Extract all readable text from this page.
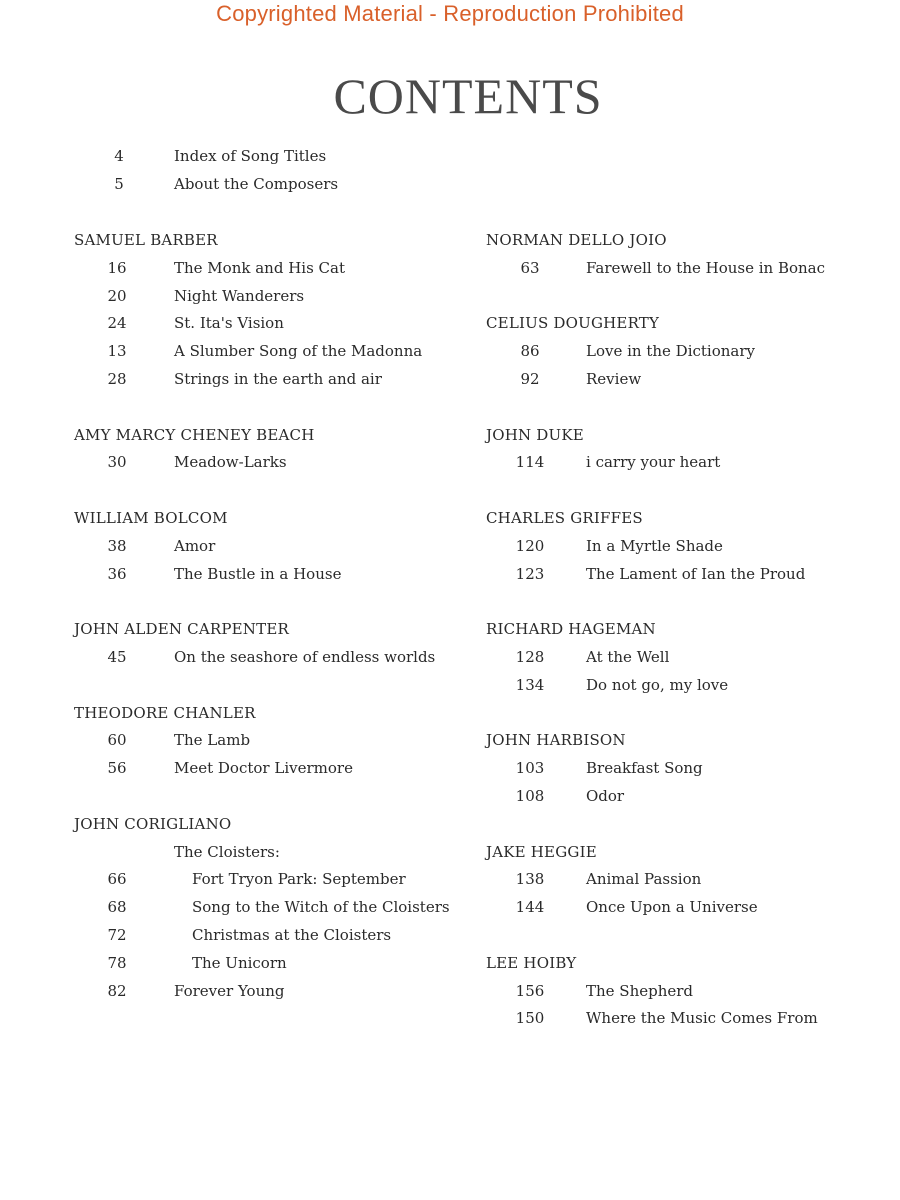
Copyrighted Material - Reproduction Prohibited
CONTENTS
4	Index of Song Titles
5	About the Composers
SAMUEL BARBER
16	The Monk and His Cat
20	Night Wanderers
24	St. Ita's Vision
13	A Slumber Song of the Madonna
28	Strings in the earth and air
AMY MARCY CHENEY BEACH
30	Meadow-Larks
WILLIAM BOLCOM
38	Amor
36	The Bustle in a House
JOHN ALDEN CARPENTER
45	On the seashore of endless worlds
THEODORE CHANLER
60	The Lamb
56	Meet Doctor Livermore
JOHN CORIGLIANO
The Cloisters:
66	Fort Tryon Park: September
68	Song to the Witch of the Cloisters
72	Christmas at the Cloisters
78	The Unicorn
82	Forever Young
NORMAN DELLO JOIO
63	Farewell to the House in Bonac
CELIUS DOUGHERTY
86	Love in the Dictionary
92	Review
JOHN DUKE
114	i carry your heart
CHARLES GRIFFES
120	In a Myrtle Shade
123	The Lament of Ian the Proud
RICHARD HAGEMAN
128	At the Well
134	Do not go, my love
JOHN HARBISON
103	Breakfast Song
108	Odor
JAKE HEGGIE
138	Animal Passion
144	Once Upon a Universe
LEE HOIBY
156	The Shepherd
150	Where the Music Comes From
